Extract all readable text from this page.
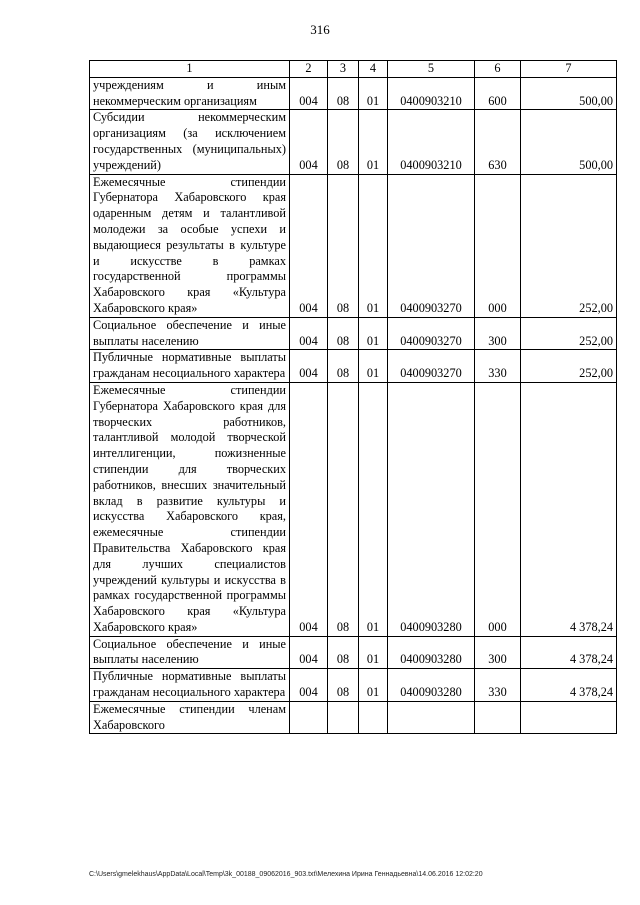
316
1	2	3	4	5	6	7
учреждениям и иным некоммерческим организациям	004	08	01	0400903210	600	500,00
Субсидии некоммерческим организациям (за исключением государственных (муниципальных) учреждений)	004	08	01	0400903210	630	500,00
Ежемесячные стипендии Губернатора Хабаровского края одаренным детям и талантливой молодежи за особые успехи и выдающиеся результаты в культуре и искусстве в рамках государственной программы Хабаровского края «Культура Хабаровского края»	004	08	01	0400903270	000	252,00
Социальное обеспечение и иные выплаты населению	004	08	01	0400903270	300	252,00
Публичные нормативные выплаты гражданам несоциального характера	004	08	01	0400903270	330	252,00
Ежемесячные стипендии Губернатора Хабаровского края для творческих работников, талантливой молодой творческой интеллигенции, пожизненные стипендии для творческих работников, внесших значительный вклад в развитие культуры и искусства Хабаровского края, ежемесячные стипендии Правительства Хабаровского края для лучших специалистов учреждений культуры и искусства в рамках государственной программы Хабаровского края «Культура Хабаровского края»	004	08	01	0400903280	000	4 378,24
Социальное обеспечение и иные выплаты населению	004	08	01	0400903280	300	4 378,24
Публичные нормативные выплаты гражданам несоциального характера	004	08	01	0400903280	330	4 378,24
Ежемесячные стипендии членам Хабаровского						
C:\Users\gmelekhaus\AppData\Local\Temp\3k_00188_09062016_903.txt\Мелехина Ирина Геннадьевна\14.06.2016 12:02:20
